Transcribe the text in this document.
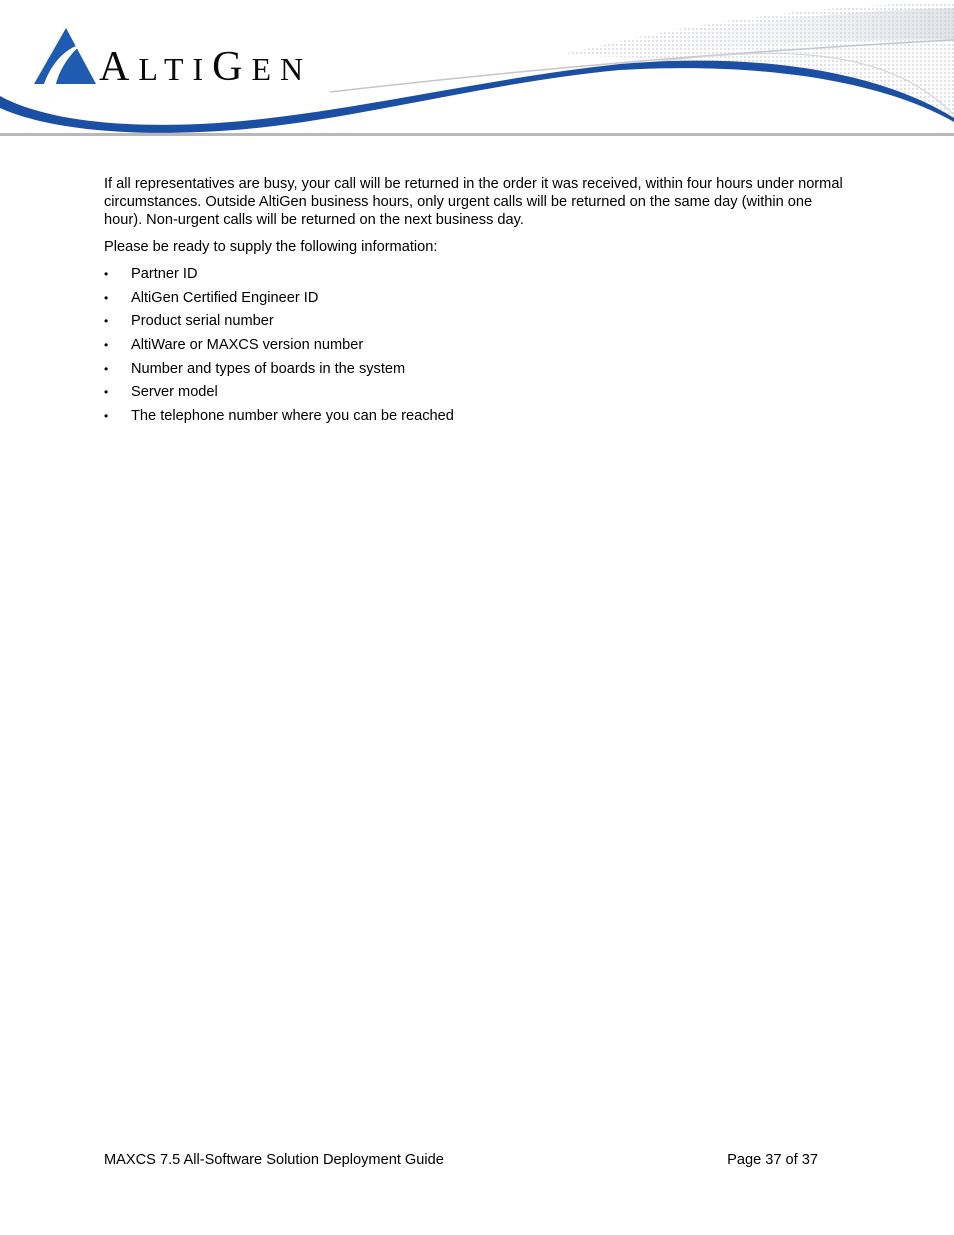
ALTIGEN

If all representatives are busy, your call will be returned in the order it was received, within four hours under normal circumstances. Outside AltiGen business hours, only urgent calls will be returned on the same day (within one hour). Non-urgent calls will be returned on the next business day.

Please be ready to supply the following information:

• Partner ID
• AltiGen Certified Engineer ID
• Product serial number
• AltiWare or MAXCS version number
• Number and types of boards in the system
• Server model
• The telephone number where you can be reached
MAXCS 7.5 All-Software Solution Deployment Guide	Page 37 of 37
